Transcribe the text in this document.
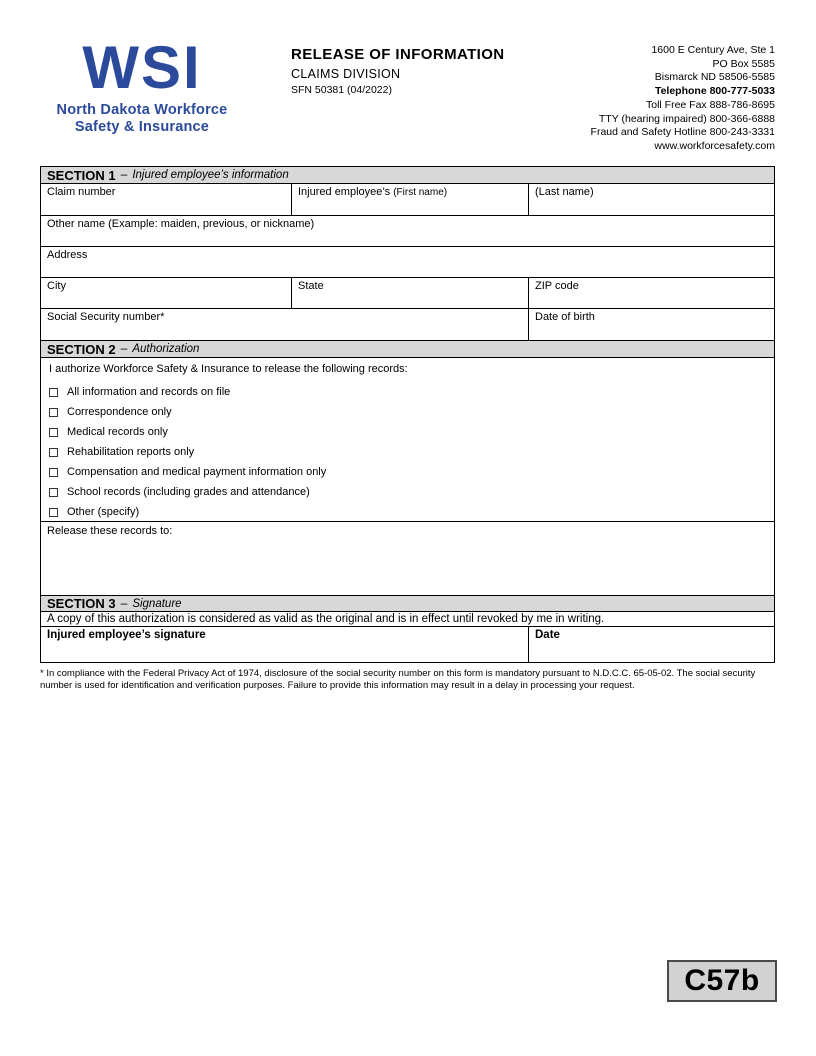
WSI
North Dakota Workforce
Safety & Insurance
RELEASE OF INFORMATION
CLAIMS DIVISION
SFN 50381 (04/2022)
1600 E Century Ave, Ste 1
PO Box 5585
Bismarck ND 58506-5585
Telephone 800-777-5033
Toll Free Fax 888-786-8695
TTY (hearing impaired) 800-366-6888
Fraud and Safety Hotline 800-243-3331
www.workforcesafety.com
SECTION 1 – Injured employee’s information
Claim number	Injured employee’s (First name)	(Last name)
Other name (Example: maiden, previous, or nickname)
Address
City	State	ZIP code
Social Security number*	Date of birth
SECTION 2 – Authorization
I authorize Workforce Safety & Insurance to release the following records:
All information and records on file
Correspondence only
Medical records only
Rehabilitation reports only
Compensation and medical payment information only
School records (including grades and attendance)
Other (specify)
Release these records to:
SECTION 3 – Signature
A copy of this authorization is considered as valid as the original and is in effect until revoked by me in writing.
Injured employee’s signature	Date
* In compliance with the Federal Privacy Act of 1974, disclosure of the social security number on this form is mandatory pursuant to N.D.C.C. 65-05-02. The social security number is used for identification and verification purposes. Failure to provide this information may result in a delay in processing your request.
C57b
